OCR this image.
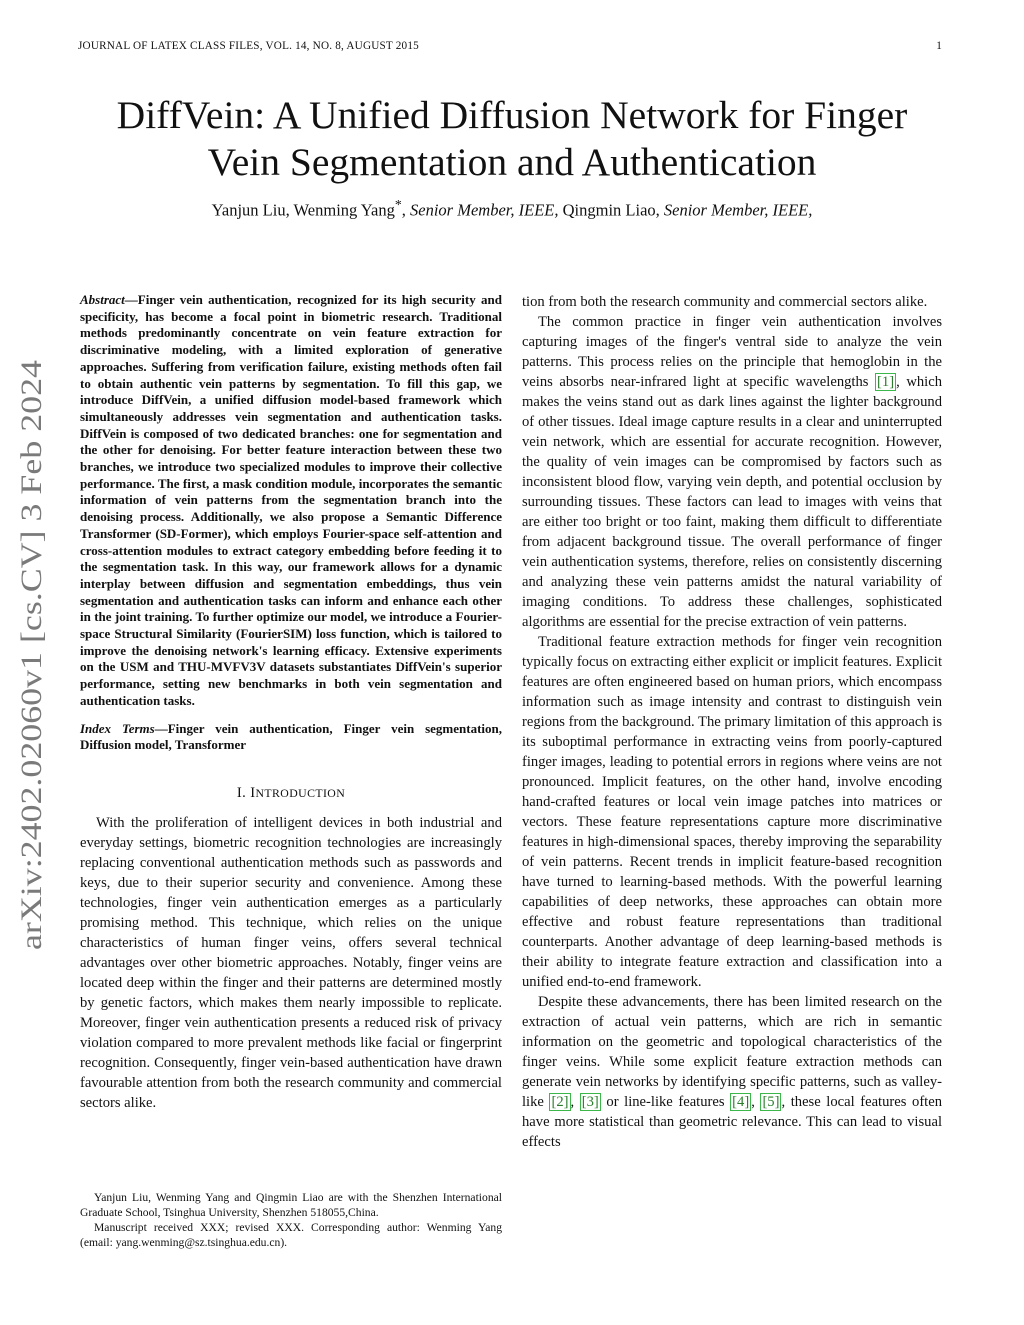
JOURNAL OF LATEX CLASS FILES, VOL. 14, NO. 8, AUGUST 2015	1
DiffVein: A Unified Diffusion Network for Finger
Vein Segmentation and Authentication
Yanjun Liu, Wenming Yang*, Senior Member, IEEE, Qingmin Liao, Senior Member, IEEE,
arXiv:2402.02060v1 [cs.CV] 3 Feb 2024

Abstract—Finger vein authentication, recognized for its high security and specificity, has become a focal point in biometric research. Traditional methods predominantly concentrate on vein feature extraction for discriminative modeling, with a limited exploration of generative approaches. Suffering from verification failure, existing methods often fail to obtain authentic vein patterns by segmentation. To fill this gap, we introduce DiffVein, a unified diffusion model-based framework which simultaneously addresses vein segmentation and authentication tasks. DiffVein is composed of two dedicated branches: one for segmentation and the other for denoising. For better feature interaction between these two branches, we introduce two specialized modules to improve their collective performance. The first, a mask condition module, incorporates the semantic information of vein patterns from the segmentation branch into the denoising process. Additionally, we also propose a Semantic Difference Transformer (SD-Former), which employs Fourier-space self-attention and cross-attention modules to extract category embedding before feeding it to the segmentation task. In this way, our framework allows for a dynamic interplay between diffusion and segmentation embeddings, thus vein segmentation and authentication tasks can inform and enhance each other in the joint training. To further optimize our model, we introduce a Fourier-space Structural Similarity (FourierSIM) loss function, which is tailored to improve the denoising network's learning efficacy. Extensive experiments on the USM and THU-MVFV3V datasets substantiates DiffVein's superior performance, setting new benchmarks in both vein segmentation and authentication tasks.

Index Terms—Finger vein authentication, Finger vein segmentation, Diffusion model, Transformer

I. INTRODUCTION

With the proliferation of intelligent devices in both industrial and everyday settings, biometric recognition technologies are increasingly replacing conventional authentication methods such as passwords and keys, due to their superior security and convenience. Among these technologies, finger vein authentication emerges as a particularly promising method. This technique, which relies on the unique characteristics of human finger veins, offers several technical advantages over other biometric approaches. Notably, finger veins are located deep within the finger and their patterns are determined mostly by genetic factors, which makes them nearly impossible to replicate. Moreover, finger vein authentication presents a reduced risk of privacy violation compared to more prevalent methods like facial or fingerprint recognition. Consequently, finger vein-based authentication have drawn favourable attention from both the research community and commercial sectors alike.

Yanjun Liu, Wenming Yang and Qingmin Liao are with the Shenzhen International Graduate School, Tsinghua University, Shenzhen 518055,China.

Manuscript received XXX; revised XXX. Corresponding author: Wenming Yang (email: yang.wenming@sz.tsinghua.edu.cn).

tion from both the research community and commercial sectors alike.

The common practice in finger vein authentication involves capturing images of the finger's ventral side to analyze the vein patterns. This process relies on the principle that hemoglobin in the veins absorbs near-infrared light at specific wavelengths [1] , which makes the veins stand out as dark lines against the lighter background of other tissues. Ideal image capture results in a clear and uninterrupted vein network, which are essential for accurate recognition. However, the quality of vein images can be compromised by factors such as inconsistent blood flow, varying vein depth, and potential occlusion by surrounding tissues. These factors can lead to images with veins that are either too bright or too faint, making them difficult to differentiate from adjacent background tissue. The overall performance of finger vein authentication systems, therefore, relies on consistently discerning and analyzing these vein patterns amidst the natural variability of imaging conditions. To address these challenges, sophisticated algorithms are essential for the precise extraction of vein patterns.

Traditional feature extraction methods for finger vein recognition typically focus on extracting either explicit or implicit features. Explicit features are often engineered based on human priors, which encompass information such as image intensity and contrast to distinguish vein regions from the background. The primary limitation of this approach is its suboptimal performance in extracting veins from poorly-captured finger images, leading to potential errors in regions where veins are not pronounced. Implicit features, on the other hand, involve encoding hand-crafted features or local vein image patches into matrices or vectors. These feature representations capture more discriminative features in high-dimensional spaces, thereby improving the separability of vein patterns. Recent trends in implicit feature-based recognition have turned to learning-based methods. With the powerful learning capabilities of deep networks, these approaches can obtain more effective and robust feature representations than traditional counterparts. Another advantage of deep learning-based methods is their ability to integrate feature extraction and classification into a unified end-to-end framework.

Despite these advancements, there has been limited research on the extraction of actual vein patterns, which are rich in semantic information on the geometric and topological characteristics of the finger veins. While some explicit feature extraction methods can generate vein networks by identifying specific patterns, such as valley-like [2] , [3] or line-like features [4] , [5] , these local features often have more statistical than geometric relevance. This can lead to visual effects
